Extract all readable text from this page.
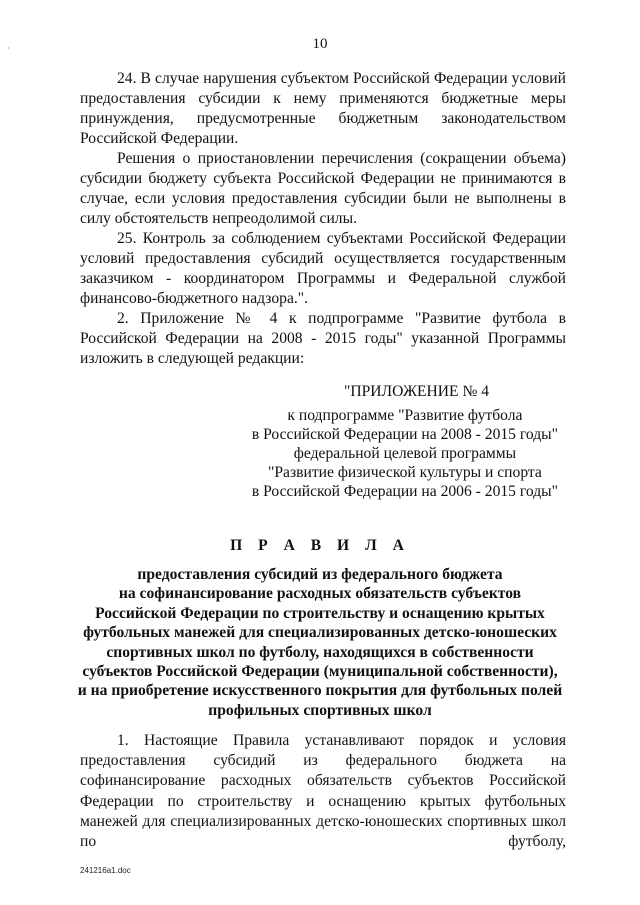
10
·

24. В случае нарушения субъектом Российской Федерации условий предоставления субсидии к нему применяются бюджетные меры принуждения, предусмотренные бюджетным законодательством Российской Федерации.

Решения о приостановлении перечисления (сокращении объема) субсидии бюджету субъекта Российской Федерации не принимаются в случае, если условия предоставления субсидии были не выполнены в силу обстоятельств непреодолимой силы.

25. Контроль за соблюдением субъектами Российской Федерации условий предоставления субсидий осуществляется государственным заказчиком - координатором Программы и Федеральной службой финансово-бюджетного надзора.".

2. Приложение № 4 к подпрограмме "Развитие футбола в Российской Федерации на 2008 - 2015 годы" указанной Программы изложить в следующей редакции:

"ПРИЛОЖЕНИЕ № 4
к подпрограмме "Развитие футбола
в Российской Федерации на 2008 - 2015 годы"
федеральной целевой программы
"Развитие физической культуры и спорта
в Российской Федерации на 2006 - 2015 годы"
П Р А В И Л А
предоставления субсидий из федерального бюджета
на софинансирование расходных обязательств субъектов
Российской Федерации по строительству и оснащению крытых
футбольных манежей для специализированных детско-юношеских
спортивных школ по футболу, находящихся в собственности
субъектов Российской Федерации (муниципальной собственности),
и на приобретение искусственного покрытия для футбольных полей
профильных спортивных школ

1. Настоящие Правила устанавливают порядок и условия предоставления субсидий из федерального бюджета на софинансирование расходных обязательств субъектов Российской Федерации по строительству и оснащению крытых футбольных манежей для специализированных детско-юношеских спортивных школ по футболу,

241216a1.doc
